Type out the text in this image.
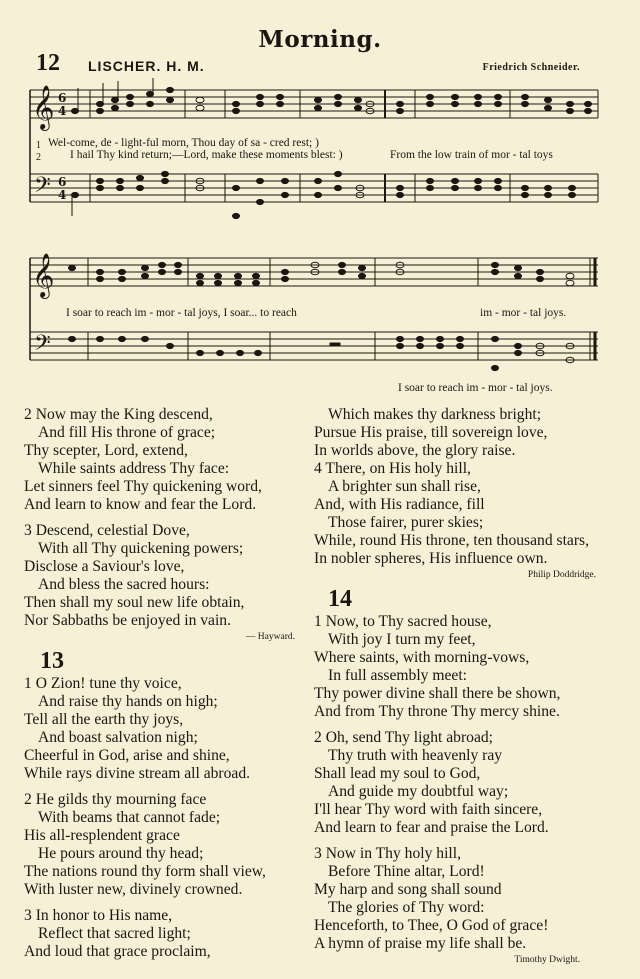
Morning.
12 LISCHER. H. M.	Friedrich Schneider.
𝄞
𝄢
6
4
6
4
1
2
Wel-come, de - light-ful morn, Thou day of sa - cred rest; )
I hail Thy kind return;—Lord, make these moments blest: )	From the low train of mor - tal toys
𝄞
𝄢
I soar to reach im - mor - tal joys, I soar... to reach	im - mor - tal joys.
I soar to reach im - mor - tal joys.
2 Now may the King descend,
And fill His throne of grace;
Thy scepter, Lord, extend,
While saints address Thy face:
Let sinners feel Thy quickening word,
And learn to know and fear the Lord.
3 Descend, celestial Dove,
With all Thy quickening powers;
Disclose a Saviour's love,
And bless the sacred hours:
Then shall my soul new life obtain,
Nor Sabbaths be enjoyed in vain.
— Hayward.
13
1 O Zion! tune thy voice,
And raise thy hands on high;
Tell all the earth thy joys,
And boast salvation nigh;
Cheerful in God, arise and shine,
While rays divine stream all abroad.
2 He gilds thy mourning face
With beams that cannot fade;
His all-resplendent grace
He pours around thy head;
The nations round thy form shall view,
With luster new, divinely crowned.
3 In honor to His name,
Reflect that sacred light;
And loud that grace proclaim,
Which makes thy darkness bright;
Pursue His praise, till sovereign love,
In worlds above, the glory raise.
4 There, on His holy hill,
A brighter sun shall rise,
And, with His radiance, fill
Those fairer, purer skies;
While, round His throne, ten thousand stars,
In nobler spheres, His influence own.
Philip Doddridge.
14
1 Now, to Thy sacred house,
With joy I turn my feet,
Where saints, with morning-vows,
In full assembly meet:
Thy power divine shall there be shown,
And from Thy throne Thy mercy shine.
2 Oh, send Thy light abroad;
Thy truth with heavenly ray
Shall lead my soul to God,
And guide my doubtful way;
I'll hear Thy word with faith sincere,
And learn to fear and praise the Lord.
3 Now in Thy holy hill,
Before Thine altar, Lord!
My harp and song shall sound
The glories of Thy word:
Henceforth, to Thee, O God of grace!
A hymn of praise my life shall be.
Timothy Dwight.
